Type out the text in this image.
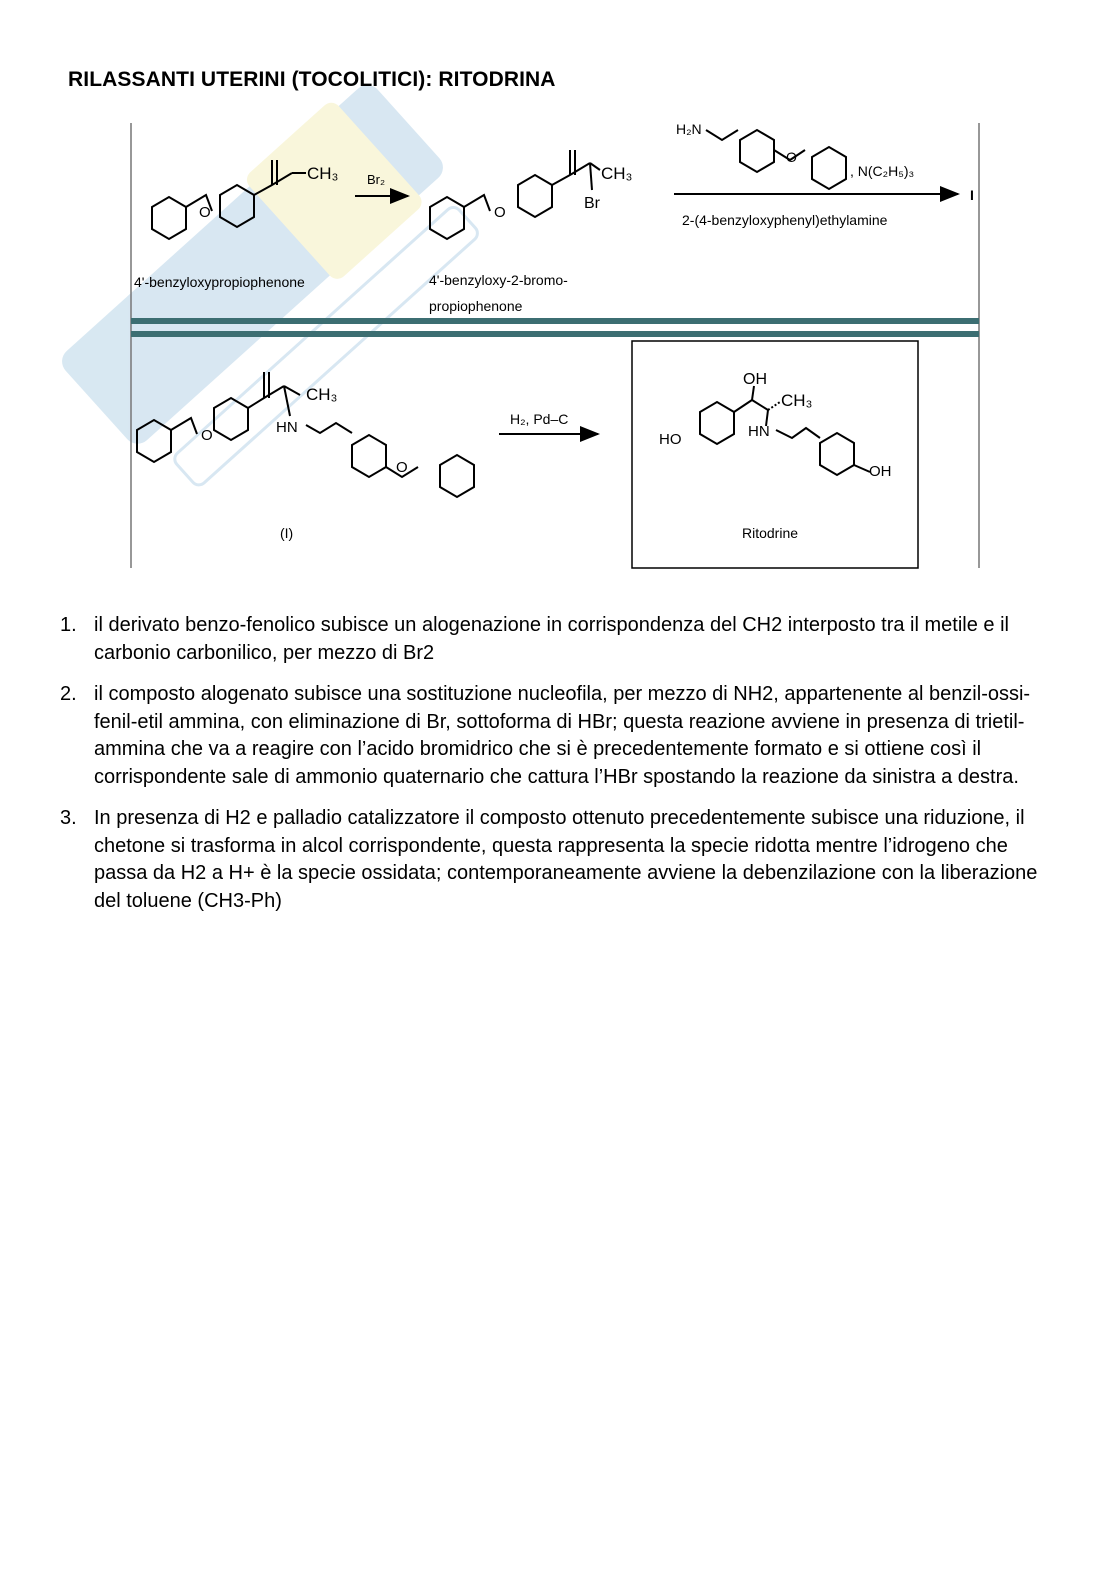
RILASSANTI UTERINI (TOCOLITICI): RITODRINA
O
CH₃
4'-benzyloxypropiophenone
Br₂
O
CH₃
Br
4'-benzyloxy-2-bromo-
propiophenone
H₂N
O
, N(C₂H₅)₃
I
2-(4-benzyloxyphenyl)ethylamine
O
CH₃
HN
O
(I)
H₂, Pd–C
OH
CH₃
HN
HO
OH
Ritodrine
1. il derivato benzo-fenolico subisce un alogenazione in corrispondenza del CH2 interposto tra il metile e il carbonio carbonilico, per mezzo di Br2
2. il composto alogenato subisce una sostituzione nucleofila, per mezzo di NH2, appartenente al benzil-ossi-fenil-etil ammina, con eliminazione di Br, sottoforma di HBr; questa reazione avviene in presenza di trietil-ammina che va a reagire con l’acido bromidrico che si è precedentemente formato e si ottiene così il corrispondente sale di ammonio quaternario che cattura l’HBr spostando la reazione da sinistra a destra.
3. In presenza di H2 e palladio catalizzatore il composto ottenuto precedentemente subisce una riduzione, il chetone si trasforma in alcol corrispondente, questa rappresenta la specie ridotta mentre l’idrogeno che passa da H2 a H+ è la specie ossidata; contemporaneamente avviene la debenzilazione con la liberazione del toluene (CH3-Ph)
